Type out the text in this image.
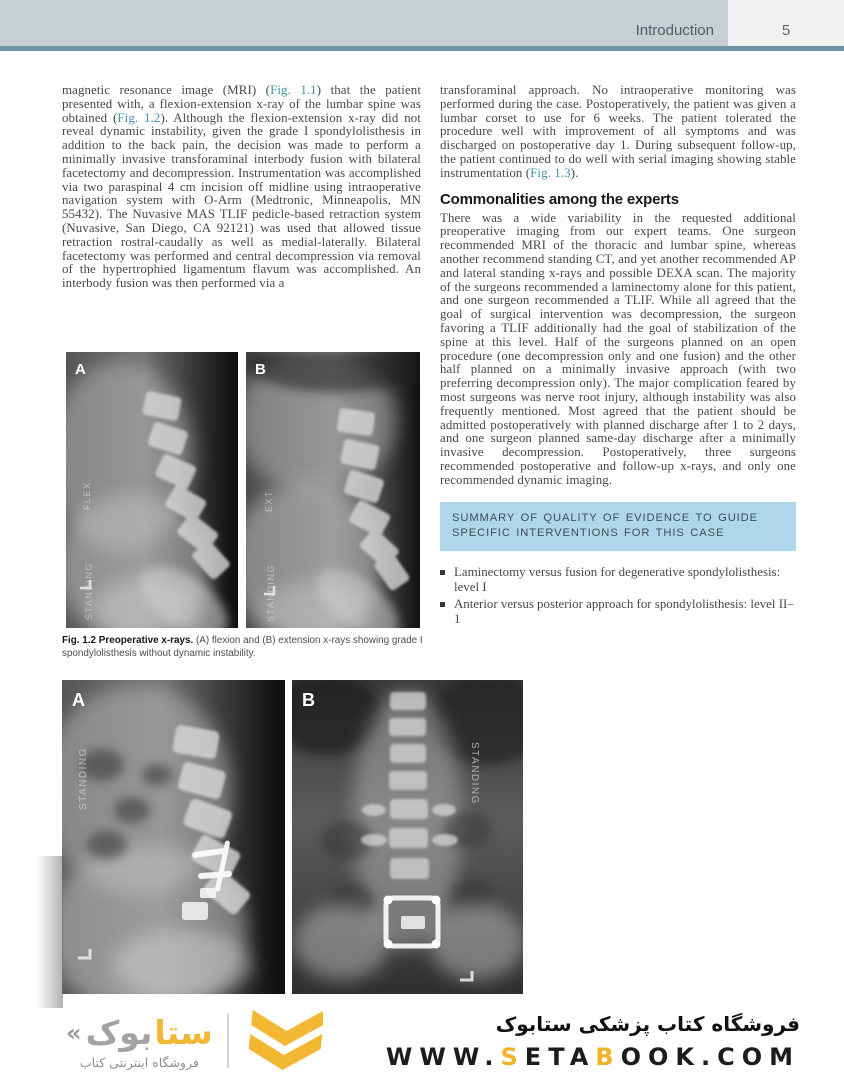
Introduction	5

magnetic resonance image (MRI) (Fig. 1.1) that the patient presented with, a flexion-extension x-ray of the lumbar spine was obtained (Fig. 1.2). Although the flexion-extension x-ray did not reveal dynamic instability, given the grade I spondylolisthesis in addition to the back pain, the decision was made to perform a minimally invasive transforaminal interbody fusion with bilateral facetectomy and decompression. Instrumentation was accomplished via two paraspinal 4 cm incision off midline using intraoperative navigation system with O-Arm (Medtronic, Minneapolis, MN 55432). The Nuvasive MAS TLIF pedicle-based retraction system (Nuvasive, San Diego, CA 92121) was used that allowed tissue retraction rostral-caudally as well as medial-laterally. Bilateral facetectomy was performed and central decompression via removal of the hypertrophied ligamentum flavum was accomplished. An interbody fusion was then performed via a

A
FLEX
STANDING
B
EXT
STANDING
Fig. 1.2 Preoperative x-rays. (A) flexion and (B) extension x-rays showing grade I spondylolisthesis without dynamic instability.

transforaminal approach. No intraoperative monitoring was performed during the case. Postoperatively, the patient was given a lumbar corset to use for 6 weeks. The patient tolerated the procedure well with improvement of all symptoms and was discharged on postoperative day 1. During subsequent follow-up, the patient continued to do well with serial imaging showing stable instrumentation (Fig. 1.3).

Commonalities among the experts

There was a wide variability in the requested additional preoperative imaging from our expert teams. One surgeon recommended MRI of the thoracic and lumbar spine, whereas another recommend standing CT, and yet another recommended AP and lateral standing x-rays and possible DEXA scan. The majority of the surgeons recommended a laminectomy alone for this patient, and one surgeon recommended a TLIF. While all agreed that the goal of surgical intervention was decompression, the surgeon favoring a TLIF additionally had the goal of stabilization of the spine at this level. Half of the surgeons planned on an open procedure (one decompression only and one fusion) and the other half planned on a minimally invasive approach (with two preferring decompression only). The major complication feared by most surgeons was nerve root injury, although instability was also frequently mentioned. Most agreed that the patient should be admitted postoperatively with planned discharge after 1 to 2 days, and one surgeon planned same-day discharge after a minimally invasive decompression. Postoperatively, three surgeons recommended postoperative and follow-up x-rays, and only one recommended dynamic imaging.

SUMMARY OF QUALITY OF EVIDENCE TO GUIDE SPECIFIC INTERVENTIONS FOR THIS CASE
Laminectomy versus fusion for degenerative spondylolisthesis: level I
Anterior versus posterior approach for spondylolisthesis: level II–1
A
STANDING
B
STANDING
« بوک ستا
فروشگاه اینترنتی کتاب
فروشگاه کتاب پزشکی ستابوک
WWW.SETABOOK.COM
